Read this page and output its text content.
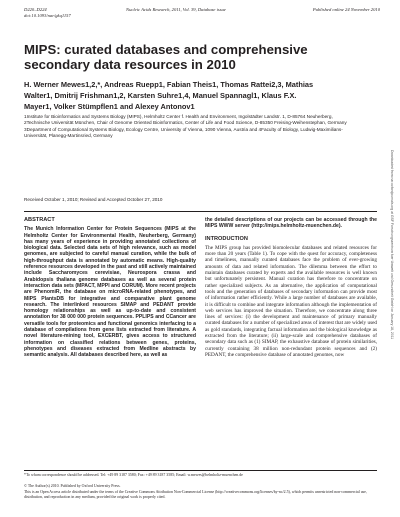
D220–D224	Nucleic Acids Research, 2011, Vol. 39, Database issue	Published online 24 November 2010
doi:10.1093/nar/gkq1157
MIPS: curated databases and comprehensive secondary data resources in 2010
H. Werner Mewes1,2,*, Andreas Ruepp1, Fabian Theis1, Thomas Rattei2,3, Mathias Walter1, Dmitrij Frishman1,2, Karsten Suhre1,4, Manuel Spannagl1, Klaus F.X. Mayer1, Volker Stümpflen1 and Alexey Antonov1
1Institute for Bioinformatics and Systems Biology (MIPS), Helmholtz Center f. Health and Environment, Ingolstädter Landstr. 1, D-85764 Neuherberg, 2Technische Universität München, Chair of Genome Oriented Bioinformatics, Center of Life and Food Science, D-85350 Freising-Weihenstephan, Germany 3Department of Computational Systems Biology, Ecology Centre, University of Vienna, 1090 Vienna, Austria and 4Faculty of Biology, Ludwig-Maximilians-Universität, Planegg-Martinsried, Germany
Received October 1, 2010; Revised and Accepted October 27, 2010

ABSTRACT

The Munich Information Center for Protein Sequences (MIPS at the Helmholtz Center for Environmental Health, Neuherberg, Germany) has many years of experience in providing annotated collections of biological data. Selected data sets of high relevance, such as model genomes, are subjected to careful manual curation, while the bulk of high-throughput data is annotated by automatic means. High-quality reference resources developed in the past and still actively maintained include Saccharomyces cerevisiae, Neurospora crassa and Arabidopsis thaliana genome databases as well as several protein interaction data sets (MPACT, MPPI and CORUM). More recent projects are PhenomiR, the database on microRNA-related phenotypes, and MIPS PlantsDB for integrative and comparative plant genome research. The interlinked resources SIMAP and PEDANT provide homology relationships as well as up-to-date and consistent annotation for 38 000 000 protein sequences. PPLIPS and CCancer are versatile tools for proteomics and functional genomics interfacing to a database of compilations from gene lists extracted from literature. A novel literature-mining tool, EXCERBT, gives access to structured information on classified relations between genes, proteins, phenotypes and diseases extracted from Medline abstracts by semantic analysis. All databases described here, as well as

the detailed descriptions of our projects can be accessed through the MIPS WWW server (http://mips.helmholtz-muenchen.de).

INTRODUCTION

The MIPS group has provided biomolecular databases and related resources for more than 20 years (Table 1). To cope with the quest for accuracy, completeness and timeliness, manually curated databases face the problem of ever-growing amounts of data and related information. The dilemma between the effort to maintain databases curated by experts and the available resources is well known but unfortunately persistent. Manual curation has therefore to concentrate on rather specialized subjects. As an alternative, the application of computational tools and the generation of databases of secondary information can provide most of information rather efficiently. While a large number of databases are available, it is difficult to combine and integrate information although the implementation of web services has improved the situation. Therefore, we concentrate along three lines of services: (i) the development and maintenance of primary manually curated databases for a number of specialized areas of interest that are widely used as gold standards, integrating factual information and the biological knowledge as extracted from the literature; (ii) large-scale and comprehensive databases of secondary data such as (1) SIMAP, the exhaustive database of protein similarities, currently containing 38 million non-redundant protein sequences and (2) PEDANT, the comprehensive database of annotated genomes, now

*To whom correspondence should be addressed. Tel: +49 89 3187 3580; Fax: +49 89 3187 3585; Email: w.mewes@helmholtz-muenchen.de
© The Author(s) 2010. Published by Oxford University Press.
This is an Open Access article distributed under the terms of the Creative Commons Attribution Non-Commercial License (http://creativecommons.org/licenses/by-nc/2.5), which permits unrestricted non-commercial use, distribution, and reproduction in any medium, provided the original work is properly cited.
Downloaded from nar.oxfordjournals.org at GSF Forschungszentrum fuer Umwelt und Gesundheit GmbH on January 18, 2011
